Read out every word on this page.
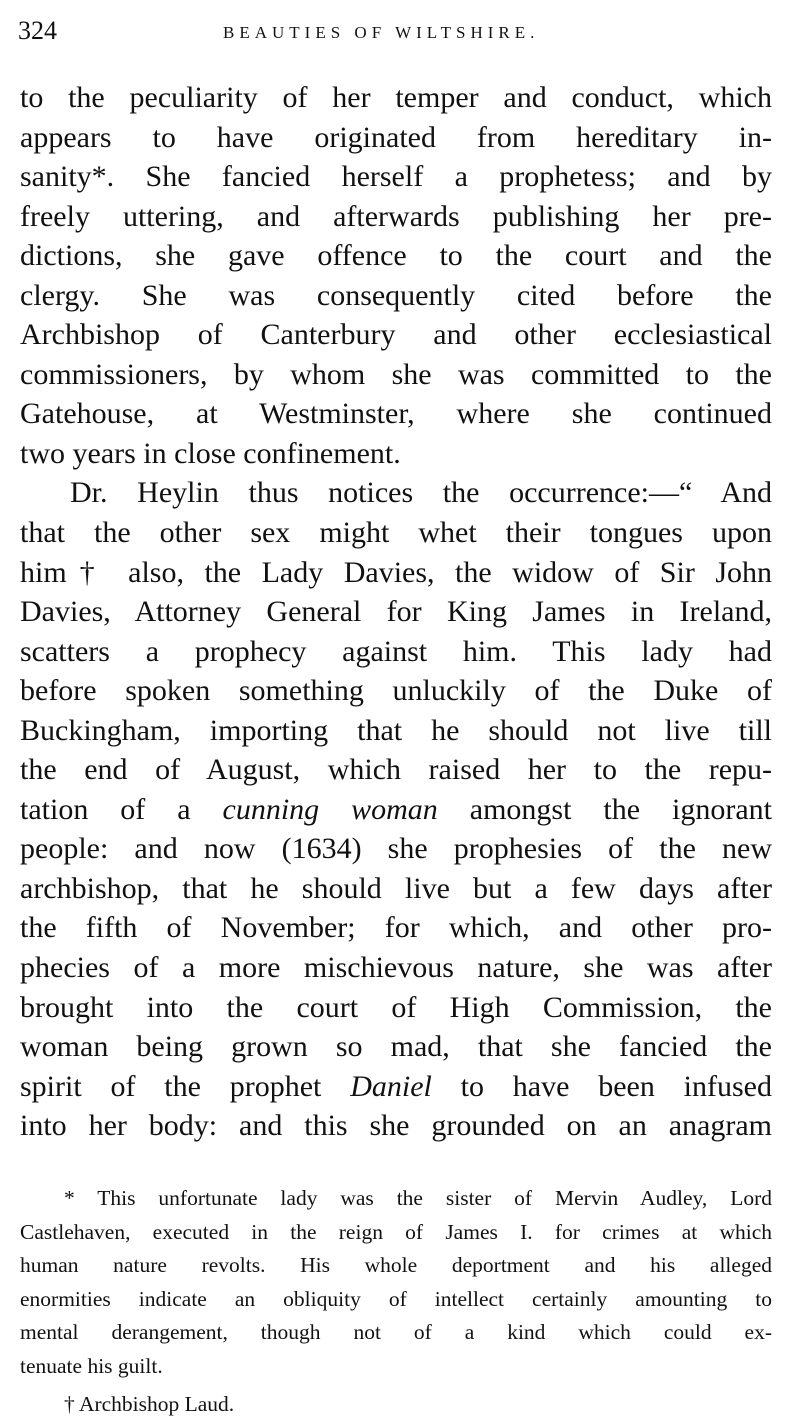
324	BEAUTIES OF WILTSHIRE.
to the peculiarity of her temper and conduct, which
appears to have originated from hereditary in-
sanity*. She fancied herself a prophetess; and by
freely uttering, and afterwards publishing her pre-
dictions, she gave offence to the court and the
clergy. She was consequently cited before the
Archbishop of Canterbury and other ecclesiastical
commissioners, by whom she was committed to the
Gatehouse, at Westminster, where she continued
two years in close confinement.
Dr. Heylin thus notices the occurrence:—“ And
that the other sex might whet their tongues upon
him† also, the Lady Davies, the widow of Sir John
Davies, Attorney General for King James in Ireland,
scatters a prophecy against him. This lady had
before spoken something unluckily of the Duke of
Buckingham, importing that he should not live till
the end of August, which raised her to the repu-
tation of a cunning woman amongst the ignorant
people: and now (1634) she prophesies of the new
archbishop, that he should live but a few days after
the fifth of November; for which, and other pro-
phecies of a more mischievous nature, she was after
brought into the court of High Commission, the
woman being grown so mad, that she fancied the
spirit of the prophet Daniel to have been infused
into her body: and this she grounded on an anagram
* This unfortunate lady was the sister of Mervin Audley, Lord
Castlehaven, executed in the reign of James I. for crimes at which
human nature revolts. His whole deportment and his alleged
enormities indicate an obliquity of intellect certainly amounting to
mental derangement, though not of a kind which could ex-
tenuate his guilt.
† Archbishop Laud.
